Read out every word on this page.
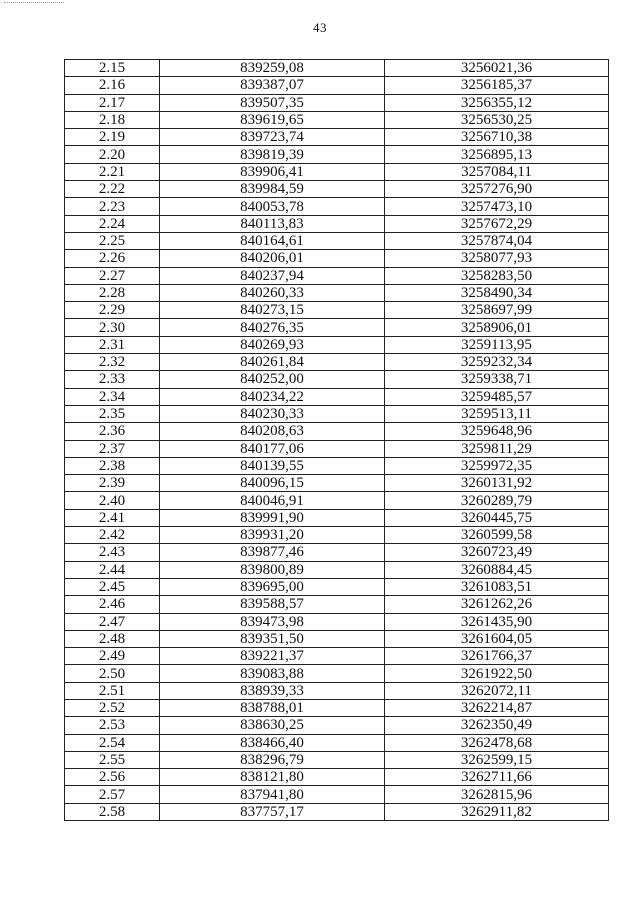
43
2.15	839259,08	3256021,36
2.16	839387,07	3256185,37
2.17	839507,35	3256355,12
2.18	839619,65	3256530,25
2.19	839723,74	3256710,38
2.20	839819,39	3256895,13
2.21	839906,41	3257084,11
2.22	839984,59	3257276,90
2.23	840053,78	3257473,10
2.24	840113,83	3257672,29
2.25	840164,61	3257874,04
2.26	840206,01	3258077,93
2.27	840237,94	3258283,50
2.28	840260,33	3258490,34
2.29	840273,15	3258697,99
2.30	840276,35	3258906,01
2.31	840269,93	3259113,95
2.32	840261,84	3259232,34
2.33	840252,00	3259338,71
2.34	840234,22	3259485,57
2.35	840230,33	3259513,11
2.36	840208,63	3259648,96
2.37	840177,06	3259811,29
2.38	840139,55	3259972,35
2.39	840096,15	3260131,92
2.40	840046,91	3260289,79
2.41	839991,90	3260445,75
2.42	839931,20	3260599,58
2.43	839877,46	3260723,49
2.44	839800,89	3260884,45
2.45	839695,00	3261083,51
2.46	839588,57	3261262,26
2.47	839473,98	3261435,90
2.48	839351,50	3261604,05
2.49	839221,37	3261766,37
2.50	839083,88	3261922,50
2.51	838939,33	3262072,11
2.52	838788,01	3262214,87
2.53	838630,25	3262350,49
2.54	838466,40	3262478,68
2.55	838296,79	3262599,15
2.56	838121,80	3262711,66
2.57	837941,80	3262815,96
2.58	837757,17	3262911,82
